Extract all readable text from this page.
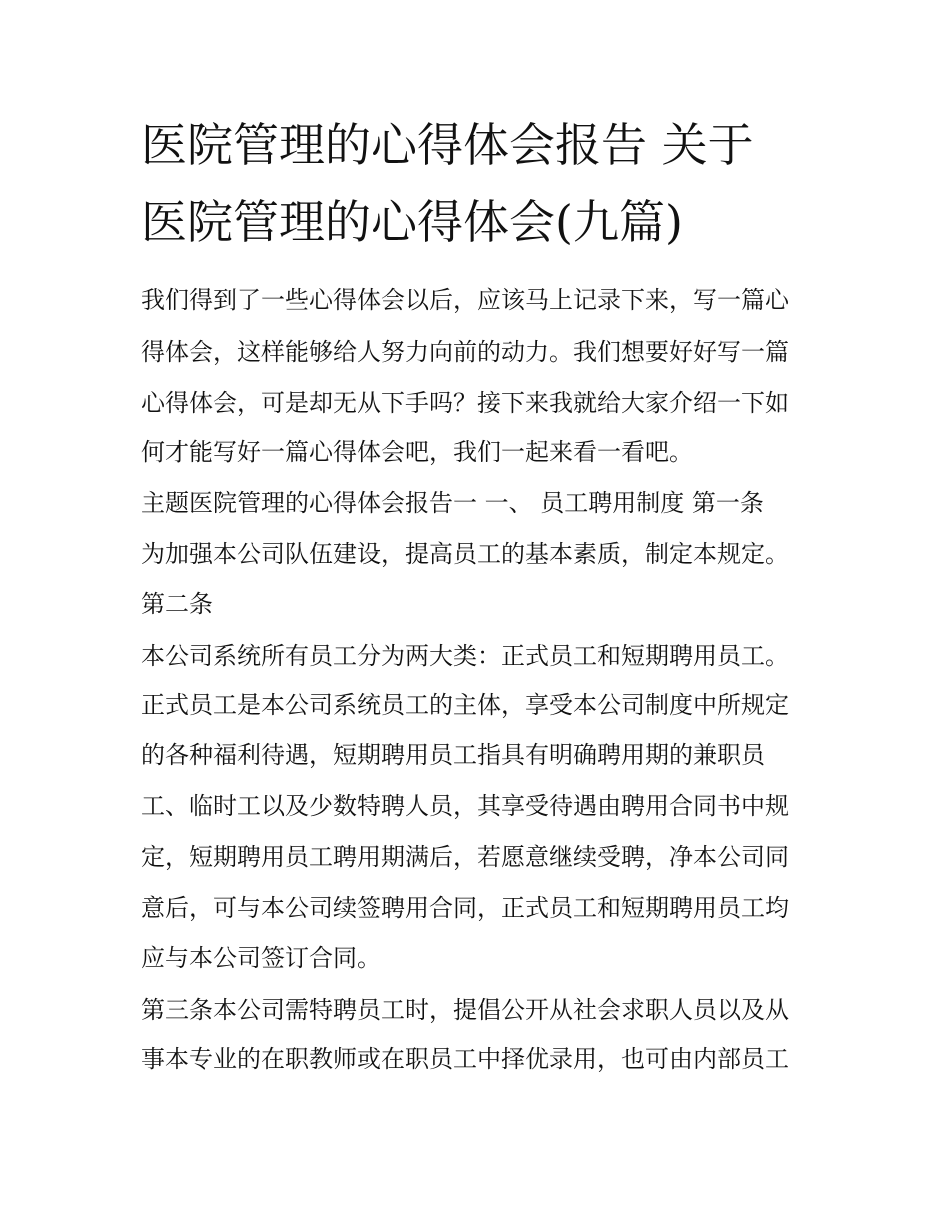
医院管理的心得体会报告 关于
医院管理的心得体会(九篇)
我们得到了一些心得体会以后，应该马上记录下来，写一篇心
得体会，这样能够给人努力向前的动力。我们想要好好写一篇
心得体会，可是却无从下手吗？接下来我就给大家介绍一下如
何才能写好一篇心得体会吧，我们一起来看一看吧。
主题医院管理的心得体会报告一 一、 员工聘用制度 第一条
为加强本公司队伍建设，提高员工的基本素质，制定本规定。
第二条
本公司系统所有员工分为两大类：正式员工和短期聘用员工。
正式员工是本公司系统员工的主体，享受本公司制度中所规定
的各种福利待遇，短期聘用员工指具有明确聘用期的兼职员
工、临时工以及少数特聘人员，其享受待遇由聘用合同书中规
定，短期聘用员工聘用期满后，若愿意继续受聘，净本公司同
意后，可与本公司续签聘用合同，正式员工和短期聘用员工均
应与本公司签订合同。
第三条本公司需特聘员工时，提倡公开从社会求职人员以及从
事本专业的在职教师或在职员工中择优录用，也可由内部员工
